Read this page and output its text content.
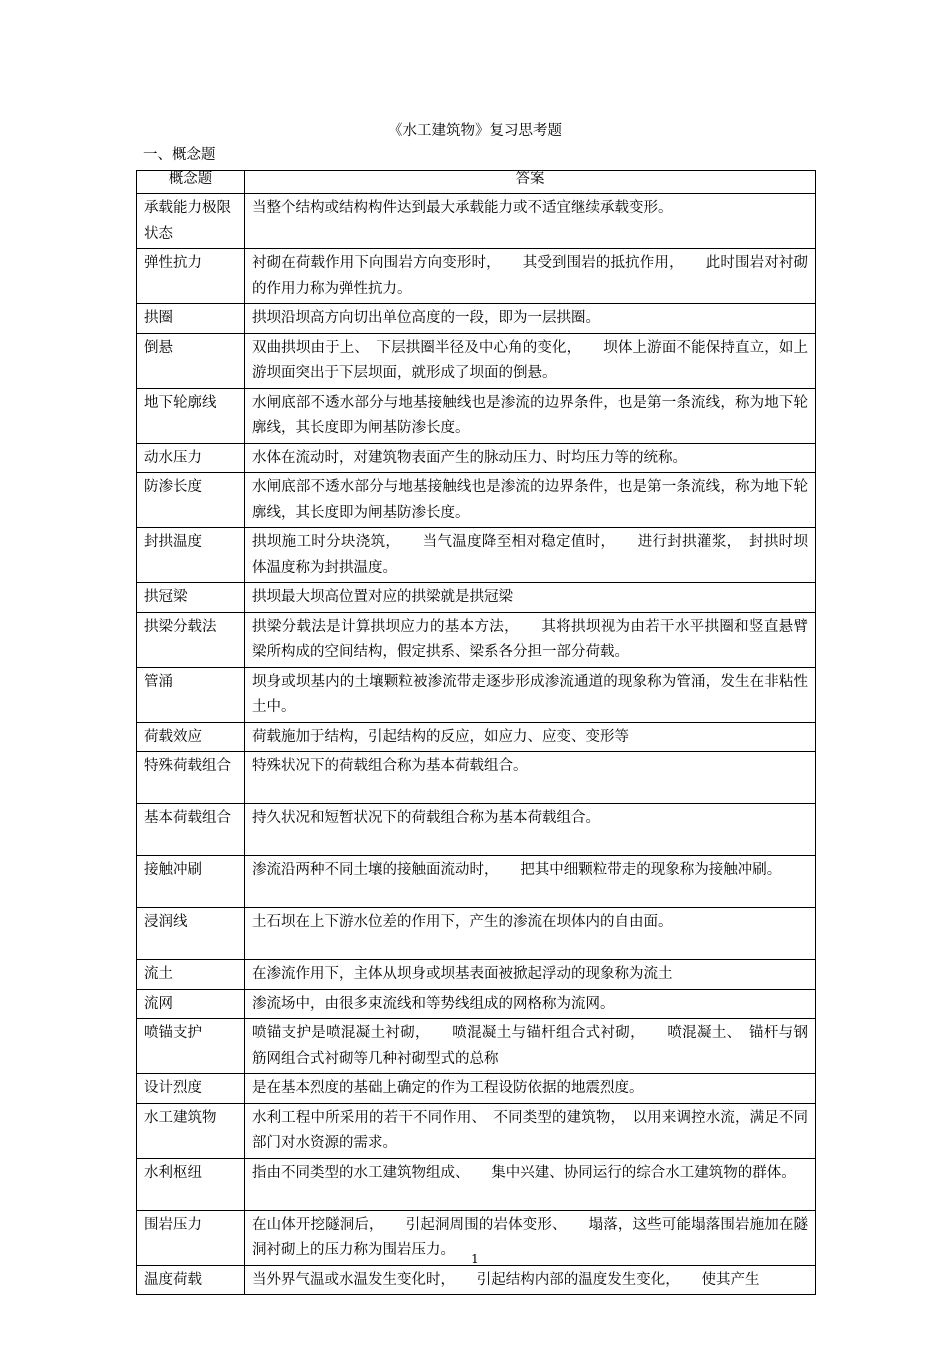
《水工建筑物》复习思考题
一、概念题
概念题	答案
承载能力极限状态	当整个结构或结构构件达到最大承载能力或不适宜继续承载变形。
弹性抗力	衬砌在荷载作用下向围岩方向变形时，　　其受到围岩的抵抗作用，　　此时围岩对衬砌的作用力称为弹性抗力。
拱圈	拱坝沿坝高方向切出单位高度的一段，即为一层拱圈。
倒悬	双曲拱坝由于上、　下层拱圈半径及中心角的变化，　　坝体上游面不能保持直立，如上游坝面突出于下层坝面，就形成了坝面的倒悬。
地下轮廓线	水闸底部不透水部分与地基接触线也是渗流的边界条件，也是第一条流线，称为地下轮廓线，其长度即为闸基防渗长度。
动水压力	水体在流动时，对建筑物表面产生的脉动压力、时均压力等的统称。
防渗长度	水闸底部不透水部分与地基接触线也是渗流的边界条件，也是第一条流线，称为地下轮廓线，其长度即为闸基防渗长度。
封拱温度	拱坝施工时分块浇筑，　　当气温度降至相对稳定值时，　　进行封拱灌浆，　封拱时坝体温度称为封拱温度。
拱冠梁	拱坝最大坝高位置对应的拱梁就是拱冠梁
拱梁分载法	拱梁分载法是计算拱坝应力的基本方法，　　其将拱坝视为由若干水平拱圈和竖直悬臂梁所构成的空间结构，假定拱系、梁系各分担一部分荷载。
管涌	坝身或坝基内的土壤颗粒被渗流带走逐步形成渗流通道的现象称为管涌，发生在非粘性土中。
荷载效应	荷载施加于结构，引起结构的反应，如应力、应变、变形等
特殊荷载组合	特殊状况下的荷载组合称为基本荷载组合。
基本荷载组合	持久状况和短暂状况下的荷载组合称为基本荷载组合。
接触冲刷	渗流沿两种不同土壤的接触面流动时，　　把其中细颗粒带走的现象称为接触冲刷。
浸润线	土石坝在上下游水位差的作用下，产生的渗流在坝体内的自由面。
流土	在渗流作用下，主体从坝身或坝基表面被掀起浮动的现象称为流土
流网	渗流场中，由很多束流线和等势线组成的网格称为流网。
喷锚支护	喷锚支护是喷混凝土衬砌，　　喷混凝土与锚杆组合式衬砌，　　喷混凝土、　锚杆与钢筋网组合式衬砌等几种衬砌型式的总称
设计烈度	是在基本烈度的基础上确定的作为工程设防依据的地震烈度。
水工建筑物	水利工程中所采用的若干不同作用、　不同类型的建筑物，　以用来调控水流，满足不同部门对水资源的需求。
水利枢纽	指由不同类型的水工建筑物组成、　　集中兴建、协同运行的综合水工建筑物的群体。
围岩压力	在山体开挖隧洞后，　　引起洞周围的岩体变形、　　塌落，这些可能塌落围岩施加在隧洞衬砌上的压力称为围岩压力。
温度荷载	当外界气温或水温发生变化时，　　引起结构内部的温度发生变化，　　使其产生
1
